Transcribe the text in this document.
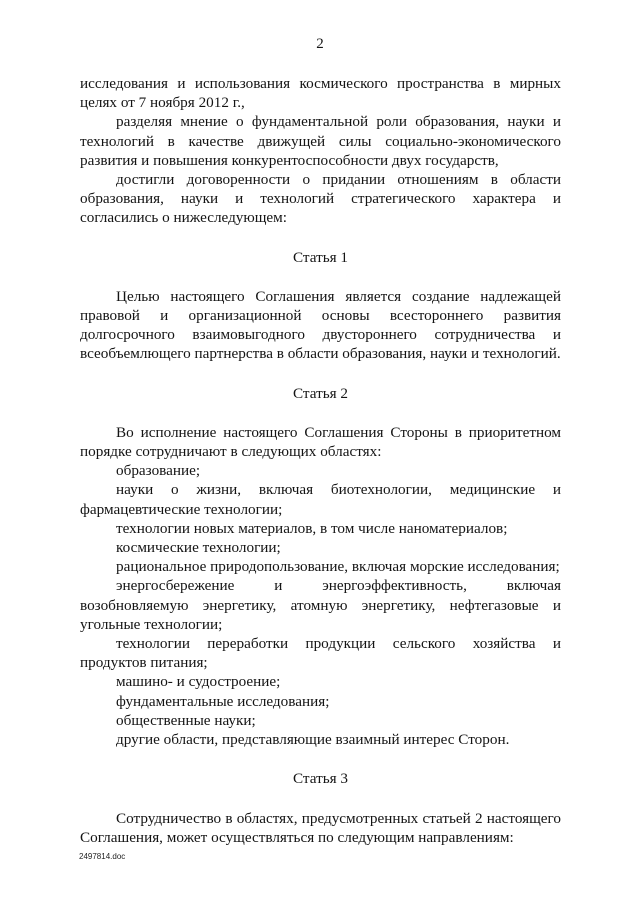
2

исследования и использования космического пространства в мирных целях от 7 ноября 2012 г.,

разделяя мнение о фундаментальной роли образования, науки и технологий в качестве движущей силы социально-экономического развития и повышения конкурентоспособности двух государств,

достигли договоренности о придании отношениям в области образования, науки и технологий стратегического характера и согласились о нижеследующем:

Статья 1

Целью настоящего Соглашения является создание надлежащей правовой и организационной основы всестороннего развития долгосрочного взаимовыгодного двустороннего сотрудничества и всеобъемлющего партнерства в области образования, науки и технологий.

Статья 2

Во исполнение настоящего Соглашения Стороны в приоритетном порядке сотрудничают в следующих областях:

образование;

науки о жизни, включая биотехнологии, медицинские и фармацевтические технологии;

технологии новых материалов, в том числе наноматериалов;

космические технологии;

рациональное природопользование, включая морские исследования;

энергосбережение и энергоэффективность, включая возобновляемую энергетику, атомную энергетику, нефтегазовые и угольные технологии;

технологии переработки продукции сельского хозяйства и продуктов питания;

машино- и судостроение;

фундаментальные исследования;

общественные науки;

другие области, представляющие взаимный интерес Сторон.

Статья 3

Сотрудничество в областях, предусмотренных статьей 2 настоящего Соглашения, может осуществляться по следующим направлениям:

2497814.doc
